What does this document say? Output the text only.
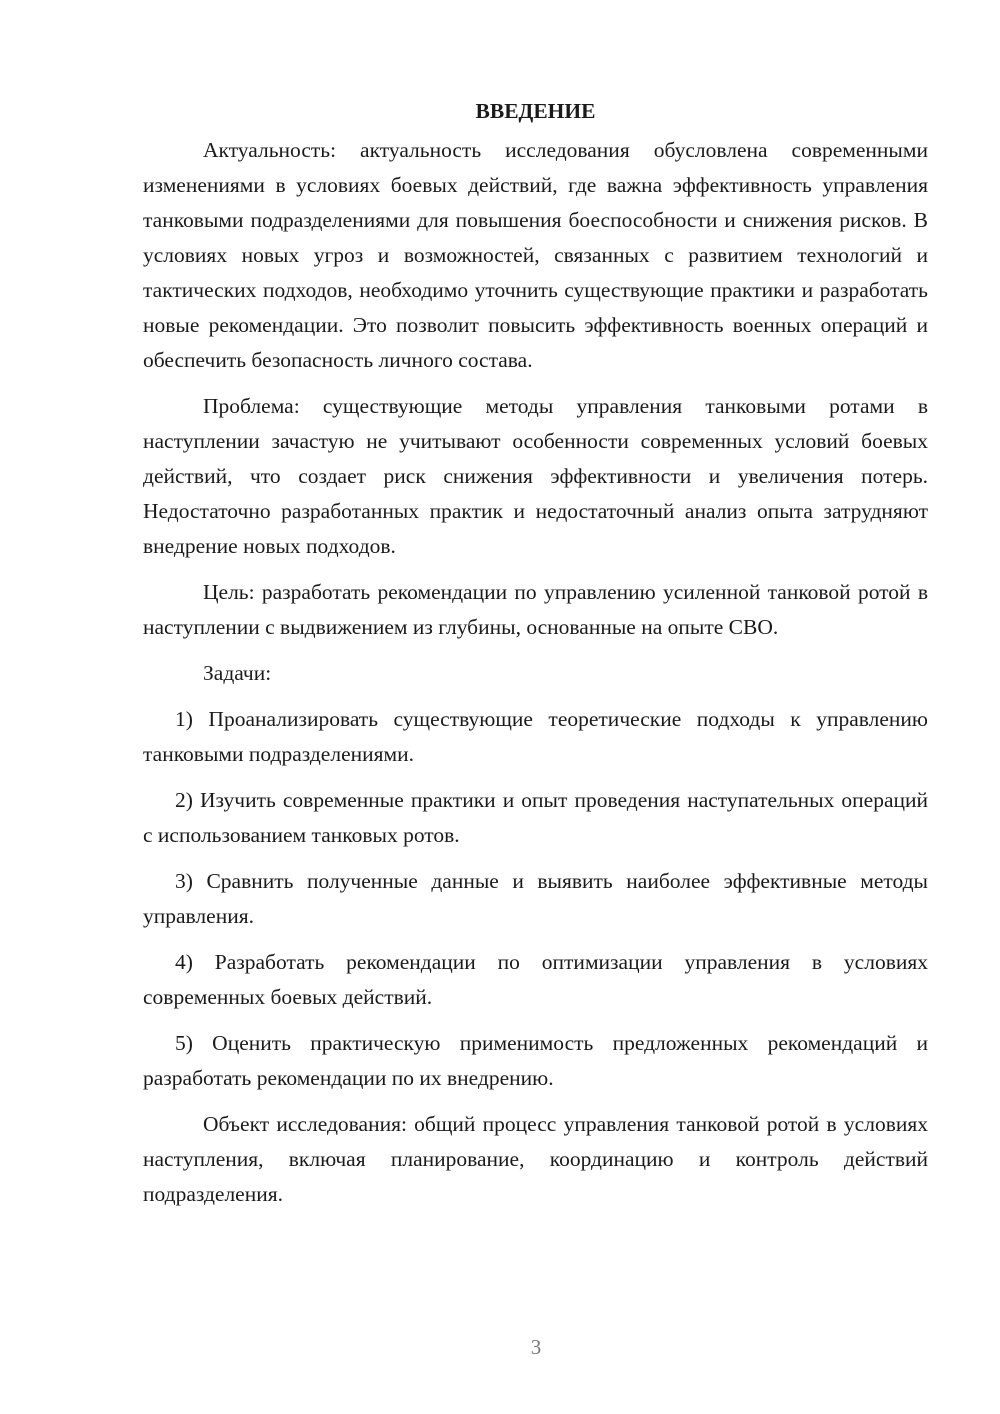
ВВЕДЕНИЕ

Актуальность: актуальность исследования обусловлена современными изменениями в условиях боевых действий, где важна эффективность управления танковыми подразделениями для повышения боеспособности и снижения рисков. В условиях новых угроз и возможностей, связанных с развитием технологий и тактических подходов, необходимо уточнить существующие практики и разработать новые рекомендации. Это позволит повысить эффективность военных операций и обеспечить безопасность личного состава.

Проблема: существующие методы управления танковыми ротами в наступлении зачастую не учитывают особенности современных условий боевых действий, что создает риск снижения эффективности и увеличения потерь. Недостаточно разработанных практик и недостаточный анализ опыта затрудняют внедрение новых подходов.

Цель: разработать рекомендации по управлению усиленной танковой ротой в наступлении с выдвижением из глубины, основанные на опыте СВО.

Задачи:

1) Проанализировать существующие теоретические подходы к управлению танковыми подразделениями.

2) Изучить современные практики и опыт проведения наступательных операций с использованием танковых ротов.

3) Сравнить полученные данные и выявить наиболее эффективные методы управления.

4) Разработать рекомендации по оптимизации управления в условиях современных боевых действий.

5) Оценить практическую применимость предложенных рекомендаций и разработать рекомендации по их внедрению.

Объект исследования: общий процесс управления танковой ротой в условиях наступления, включая планирование, координацию и контроль действий подразделения.

3
